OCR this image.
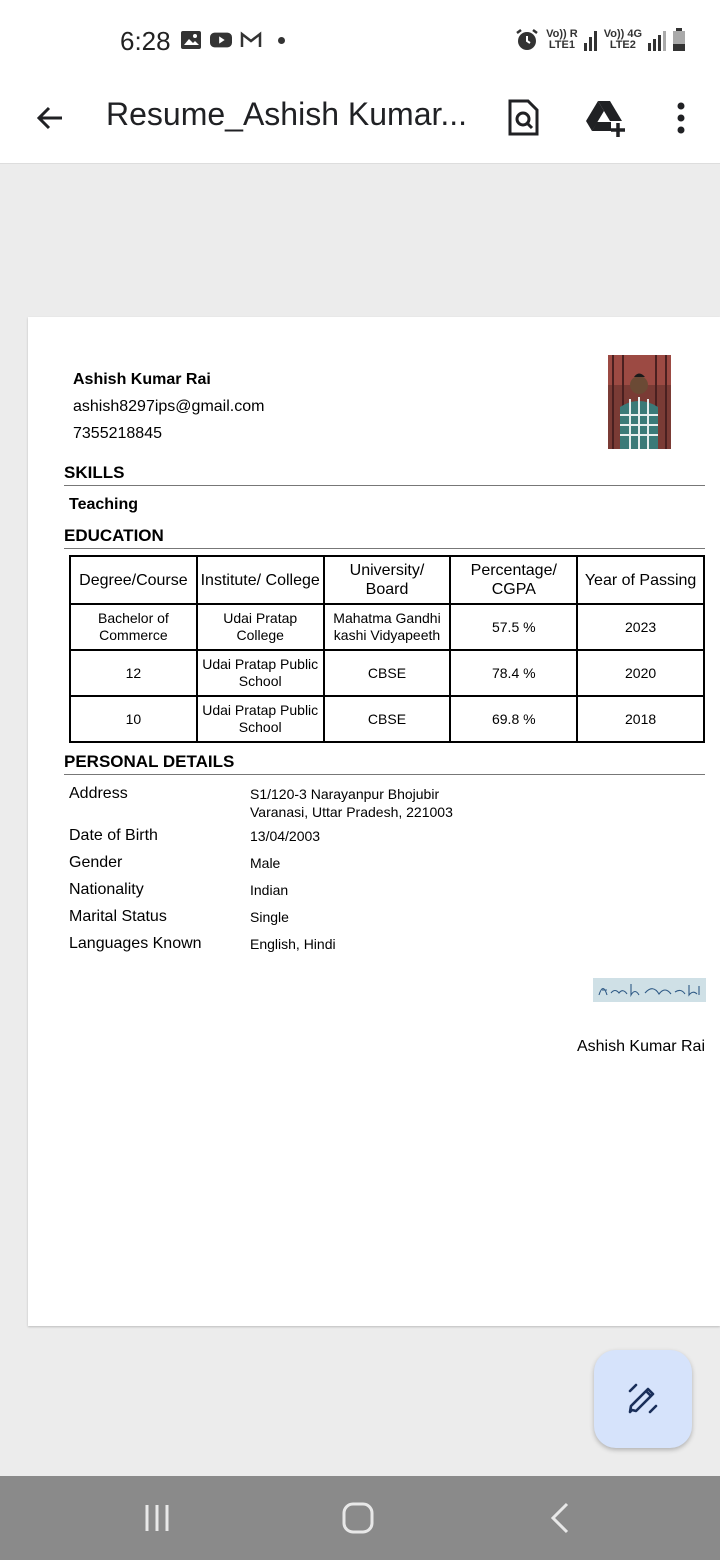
6:28	Vo)) R
LTE1
Vo)) 4G
LTE2
Resume_Ashish Kumar...
Ashish Kumar Rai
ashish8297ips@gmail.com
7355218845
SKILLS
Teaching
EDUCATION
Degree/Course	Institute/ College	University/ Board	Percentage/ CGPA	Year of Passing
Bachelor of Commerce	Udai Pratap College	Mahatma Gandhi kashi Vidyapeeth	57.5 %	2023
12	Udai Pratap Public School	CBSE	78.4 %	2020
10	Udai Pratap Public School	CBSE	69.8 %	2018
PERSONAL DETAILS
Address	S1/120-3 Narayanpur Bhojubir Varanasi, Uttar Pradesh, 221003
Date of Birth	13/04/2003
Gender	Male
Nationality	Indian
Marital Status	Single
Languages Known	English, Hindi
Ashish Kumar Rai
